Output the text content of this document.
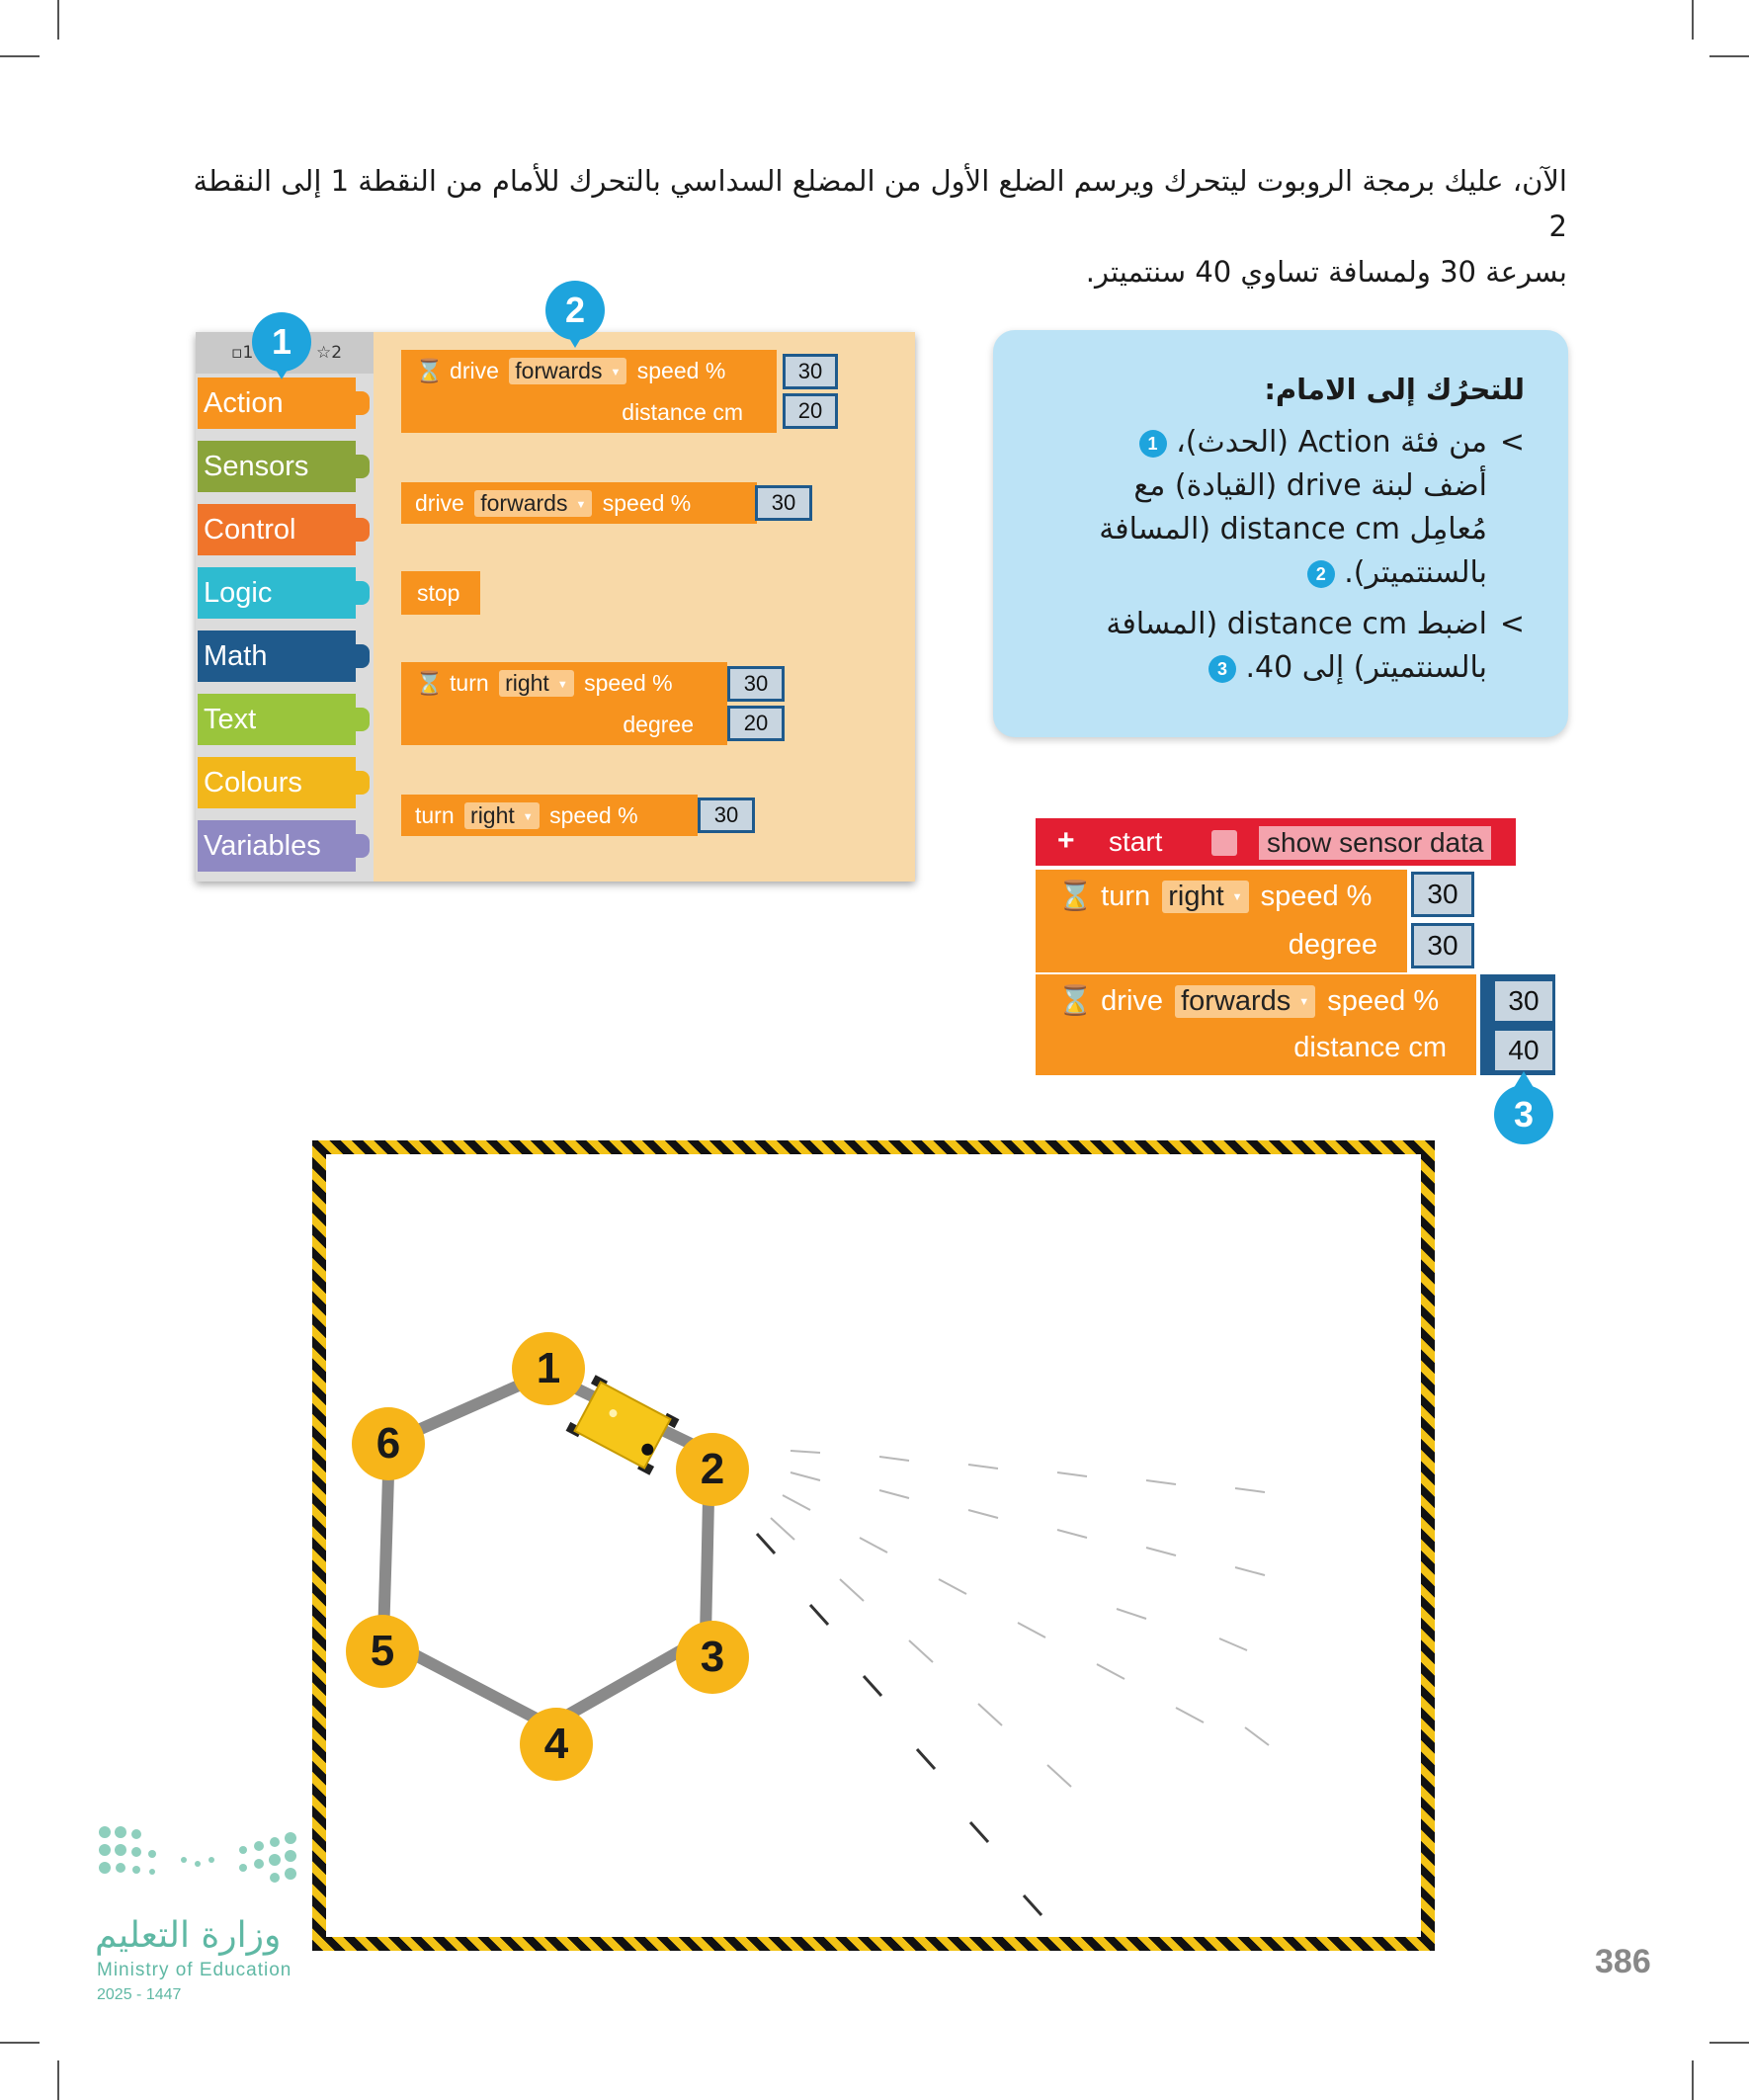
الآن، عليك برمجة الروبوت ليتحرك ويرسم الضلع الأول من المضلع السداسي بالتحرك للأمام من النقطة 1 إلى النقطة 2
بسرعة 30 ولمسافة تساوي 40 سنتميتر.
▫1	☆2
Action
Sensors
Control
Logic
Math
Text
Colours
Variables
⌛ drive forwards ▼ speed %
distance cm
30
20
drive forwards ▼ speed %	30
stop
⌛ turn right ▼ speed %
degree
30
20
turn right ▼ speed %	30
1
2
للتحرُك إلى الامام:
>
من فئة Action (الحدث)، 1
أضف لبنة drive (القيادة) مع
مُعامِل distance cm (المسافة
بالسنتميتر). 2
>
اضبط distance cm (المسافة
بالسنتميتر) إلى 40. 3
+ start	show sensor data
⌛ turn right ▼ speed %
degree
30
30
⌛ drive forwards ▼ speed %
distance cm
30
40
3
1
2
3
4
5
6
وزارة التعليم
Ministry of Education
2025 - 1447
386
